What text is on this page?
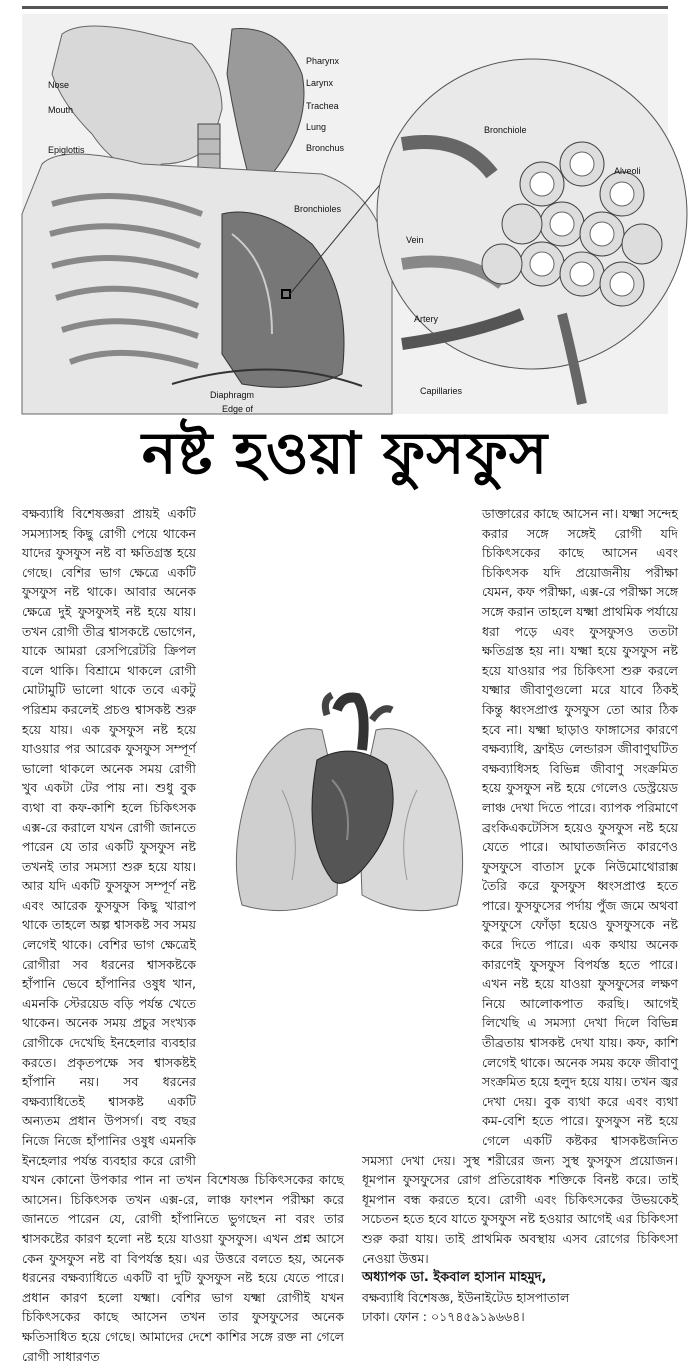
Pharynx
Larynx
Nose
Mouth	Trachea
Lung
Epiglottis	Bronchus
Bronchioles
Diaphragm
Edge of
Bronchiole
Alveoli
Vein
Artery
Capillaries
নষ্ট হওয়া ফুসফুস

বক্ষব্যাধি বিশেষজ্ঞরা প্রায়ই একটি সমস্যাসহ কিছু রোগী পেয়ে থাকেন যাদের ফুসফুস নষ্ট বা ক্ষতিগ্রস্ত হয়ে গেছে। বেশির ভাগ ক্ষেত্রে একটি ফুসফুস নষ্ট থাকে। আবার অনেক ক্ষেত্রে দুই ফুসফুসই নষ্ট হয়ে যায়। তখন রোগী তীব্র শ্বাসকষ্টে ভোগেন, যাকে আমরা রেসপিরেটরি ক্রিপল বলে থাকি। বিশ্রামে থাকলে রোগী মোটামুটি ভালো থাকে তবে একটু পরিশ্রম করলেই প্রচণ্ড শ্বাসকষ্ট শুরু হয়ে যায়। এক ফুসফুস নষ্ট হয়ে যাওয়ার পর আরেক ফুসফুস সম্পূর্ণ ভালো থাকলে অনেক সময় রোগী খুব একটা টের পায় না। শুধু বুক ব্যথা বা কফ-কাশি হলে চিকিৎসক এক্স-রে করালে যখন রোগী জানতে পারেন যে তার একটি ফুসফুস নষ্ট তখনই তার সমস্যা শুরু হয়ে যায়। আর যদি একটি ফুসফুস সম্পূর্ণ নষ্ট এবং আরেক ফুসফুস কিছু খারাপ থাকে তাহলে অল্প শ্বাসকষ্ট সব সময় লেগেই থাকে। বেশির ভাগ ক্ষেত্রেই রোগীরা সব ধরনের শ্বাসকষ্টকে হাঁপানি ভেবে হাঁপানির ওষুধ খান, এমনকি স্টেরয়েড বড়ি পর্যন্ত খেতে থাকেন। অনেক সময় প্রচুর সংখ্যক রোগীকে দেখেছি ইনহেলার ব্যবহার করতে। প্রকৃতপক্ষে সব শ্বাসকষ্টই হাঁপানি নয়। সব ধরনের বক্ষব্যাধিতেই শ্বাসকষ্ট একটি অন্যতম প্রধান উপসর্গ। বহু বছর নিজে নিজে হাঁপানির ওষুধ এমনকি ইনহেলার পর্যন্ত ব্যবহার করে রোগী যখন কোনো উপকার পান না তখন বিশেষজ্ঞ চিকিৎসকের কাছে আসেন। চিকিৎসক তখন এক্স-রে, লাঞ্চ ফাংশন পরীক্ষা করে জানতে পারেন যে, রোগী হাঁপানিতে ভুগছেন না বরং তার শ্বাসকষ্টের কারণ হলো নষ্ট হয়ে যাওয়া ফুসফুস। এখন প্রশ্ন আসে কেন ফুসফুস নষ্ট বা বিপর্যস্ত হয়। এর উত্তরে বলতে হয়, অনেক ধরনের বক্ষব্যাধিতে একটি বা দুটি ফুসফুস নষ্ট হয়ে যেতে পারে। প্রধান কারণ হলো যক্ষ্মা। বেশির ভাগ যক্ষ্মা রোগীই যখন চিকিৎসকের কাছে আসেন তখন তার ফুসফুসের অনেক ক্ষতিসাধিত হয়ে গেছে। আমাদের দেশে কাশির সঙ্গে রক্ত না গেলে রোগী সাধারণত

ডাক্তারের কাছে আসেন না। যক্ষ্মা সন্দেহ করার সঙ্গে সঙ্গেই রোগী যদি চিকিৎসকের কাছে আসেন এবং চিকিৎসক যদি প্রয়োজনীয় পরীক্ষা যেমন, কফ পরীক্ষা, এক্স-রে পরীক্ষা সঙ্গে সঙ্গে করান তাহলে যক্ষ্মা প্রাথমিক পর্যায়ে ধরা পড়ে এবং ফুসফুসও ততটা ক্ষতিগ্রস্ত হয় না। যক্ষ্মা হয়ে ফুসফুস নষ্ট হয়ে যাওয়ার পর চিকিৎসা শুরু করলে যক্ষ্মার জীবাণুগুলো মরে যাবে ঠিকই কিন্তু ধ্বংসপ্রাপ্ত ফুসফুস তো আর ঠিক হবে না। যক্ষ্মা ছাড়াও ফাঙ্গাসের কারণে বক্ষব্যাধি, ফ্রাইড লেন্ডারস জীবাণুঘটিত বক্ষব্যাধিসহ বিভিন্ন জীবাণু সংক্রমিত হয়ে ফুসফুস নষ্ট হয়ে গেলেও ডেস্ট্রয়েড লাঞ্চ দেখা দিতে পারে। ব্যাপক পরিমাণে ব্রংকিএকটেসিস হয়েও ফুসফুস নষ্ট হয়ে যেতে পারে। আঘাতজনিত কারণেও ফুসফুসে বাতাস ঢুকে নিউমোথোরাক্স তৈরি করে ফুসফুস ধ্বংসপ্রাপ্ত হতে পারে। ফুসফুসের পর্দায় পুঁজ জমে অথবা ফুসফুসে ফোঁড়া হয়েও ফুসফুসকে নষ্ট করে দিতে পারে। এক কথায় অনেক কারণেই ফুসফুস বিপর্যস্ত হতে পারে। এখন নষ্ট হয়ে যাওয়া ফুসফুসের লক্ষণ নিয়ে আলোকপাত করছি। আগেই লিখেছি এ সমস্যা দেখা দিলে বিভিন্ন তীব্রতায় শ্বাসকষ্ট দেখা যায়। কফ, কাশি লেগেই থাকে। অনেক সময় কফে জীবাণু সংক্রমিত হয়ে হলুদ হয়ে যায়। তখন জ্বর দেখা দেয়। বুক ব্যথা করে এবং ব্যথা কম-বেশি হতে পারে। ফুসফুস নষ্ট হয়ে গেলে একটি কষ্টকর শ্বাসকষ্টজনিত সমস্যা দেখা দেয়। সুস্থ শরীরের জন্য সুস্থ ফুসফুস প্রয়োজন। ধূমপান ফুসফুসের রোগ প্রতিরোধক শক্তিকে বিনষ্ট করে। তাই ধূমপান বন্ধ করতে হবে। রোগী এবং চিকিৎসকের উভয়কেই সচেতন হতে হবে যাতে ফুসফুস নষ্ট হওয়ার আগেই এর চিকিৎসা শুরু করা যায়। তাই প্রাথমিক অবস্থায় এসব রোগের চিকিৎসা নেওয়া উত্তম।

অধ্যাপক ডা. ইকবাল হাসান মাহমুদ,

বক্ষব্যাধি বিশেষজ্ঞ, ইউনাইটেড হাসপাতাল

ঢাকা। ফোন : ০১৭৪৫৯১৯৬৬৪।
